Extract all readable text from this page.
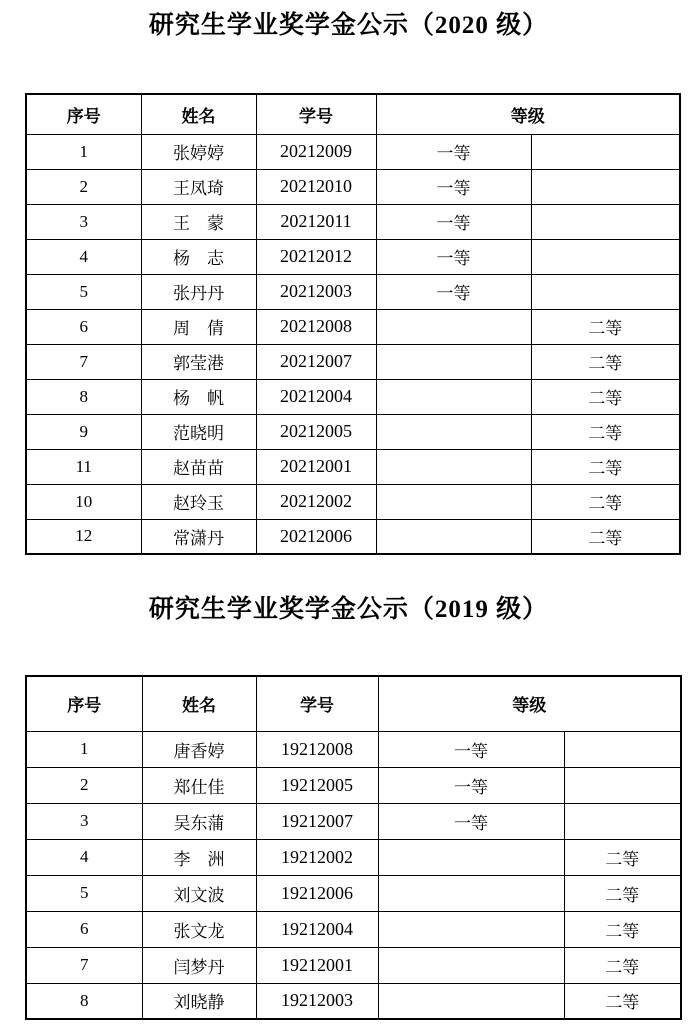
研究生学业奖学金公示（2020 级）
序号	姓名	学号	等级	
1	张婷婷	20212009	一等	
2	王凤琦	20212010	一等	
3	王　蒙	20212011	一等	
4	杨　志	20212012	一等	
5	张丹丹	20212003	一等	
6	周　倩	20212008		二等
7	郭莹港	20212007		二等
8	杨　帆	20212004		二等
9	范晓明	20212005		二等
11	赵苗苗	20212001		二等
10	赵玲玉	20212002		二等
12	常潇丹	20212006		二等
研究生学业奖学金公示（2019 级）
序号	姓名	学号	等级	
1	唐香婷	19212008	一等	
2	郑仕佳	19212005	一等	
3	吴东蒲	19212007	一等	
4	李　洲	19212002		二等
5	刘文波	19212006		二等
6	张文龙	19212004		二等
7	闫梦丹	19212001		二等
8	刘晓静	19212003		二等
